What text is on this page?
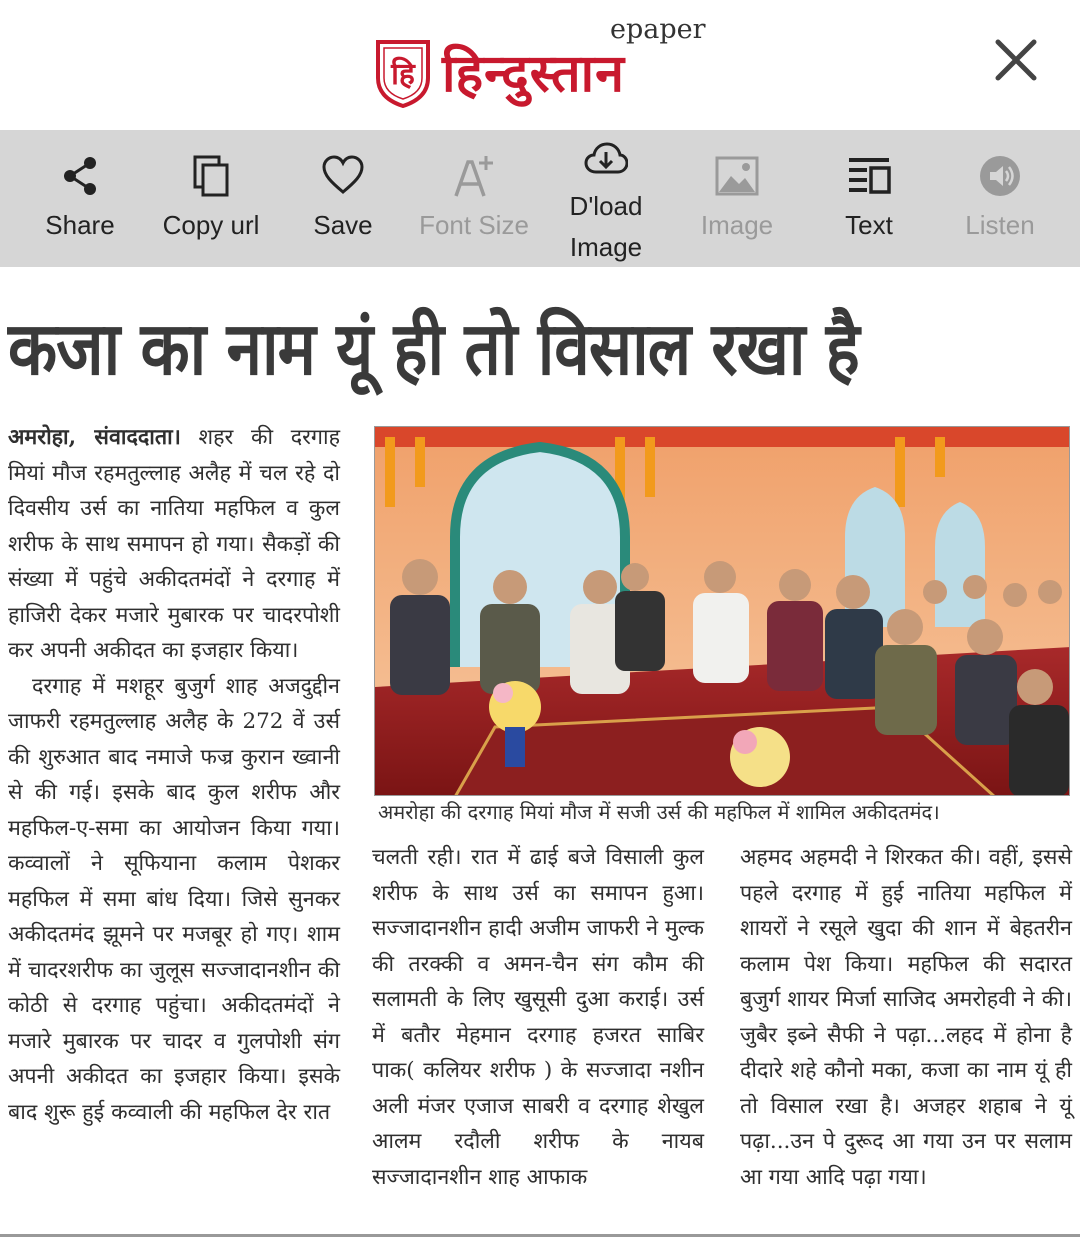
epaper
हि हिन्दुस्तान
Share	Copy url	Save	Font Size
D'load Image
Image	Text	Listen
कजा का नाम यूं ही तो विसाल रखा है

अमरोहा, संवाददाता। शहर की दरगाह मियां मौज रहमतुल्लाह अलैह में चल रहे दो दिवसीय उर्स का नातिया महफिल व कुल शरीफ के साथ समापन हो गया। सैकड़ों की संख्या में पहुंचे अकीदतमंदों ने दरगाह में हाजिरी देकर मजारे मुबारक पर चादरपोशी कर अपनी अकीदत का इजहार किया।

दरगाह में मशहूर बुजुर्ग शाह अजदुद्दीन जाफरी रहमतुल्लाह अलैह के 272 वें उर्स की शुरुआत बाद नमाजे फज्र कुरान ख्वानी से की गई। इसके बाद कुल शरीफ और महफिल-ए-समा का आयोजन किया गया। कव्वालों ने सूफियाना कलाम पेशकर महफिल में समा बांध दिया। जिसे सुनकर अकीदतमंद झूमने पर मजबूर हो गए। शाम में चादरशरीफ का जुलूस सज्जादानशीन की कोठी से दरगाह पहुंचा। अकीदतमंदों ने मजारे मुबारक पर चादर व गुलपोशी संग अपनी अकीदत का इजहार किया। इसके बाद शुरू हुई कव्वाली की महफिल देर रात

अमरोहा की दरगाह मियां मौज में सजी उर्स की महफिल में शामिल अकीदतमंद।

चलती रही। रात में ढाई बजे विसाली कुल शरीफ के साथ उर्स का समापन हुआ। सज्जादानशीन हादी अजीम जाफरी ने मुल्क की तरक्की व अमन-चैन संग कौम की सलामती के लिए खुसूसी दुआ कराई। उर्स में बतौर मेहमान दरगाह हजरत साबिर पाक( कलियर शरीफ ) के सज्जादा नशीन अली मंजर एजाज साबरी व दरगाह शेखुल आलम रदौली शरीफ के नायब सज्जादानशीन शाह आफाक

अहमद अहमदी ने शिरकत की। वहीं, इससे पहले दरगाह में हुई नातिया महफिल में शायरों ने रसूले खुदा की शान में बेहतरीन कलाम पेश किया। महफिल की सदारत बुजुर्ग शायर मिर्जा साजिद अमरोहवी ने की। जुबैर इब्ने सैफी ने पढ़ा...लहद में होना है दीदारे शहे कौनो मका, कजा का नाम यूं ही तो विसाल रखा है। अजहर शहाब ने यूं पढ़ा...उन पे दुरूद आ गया उन पर सलाम आ गया आदि पढ़ा गया।
